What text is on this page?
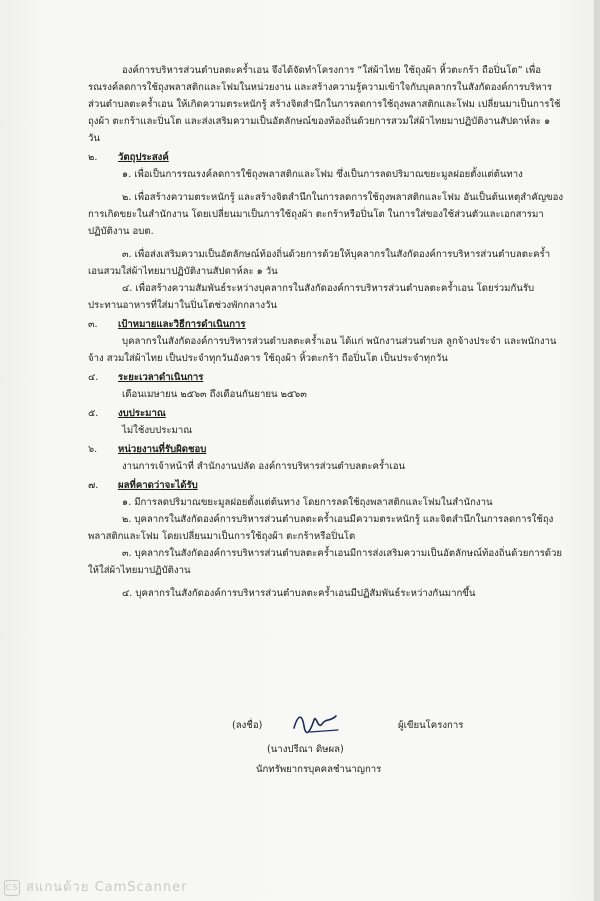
องค์การบริหารส่วนตำบลตะคร้ำเอน จึงได้จัดทำโครงการ “ใส่ผ้าไทย ใช้ถุงผ้า หิ้วตะกร้า ถือปิ่นโต” เพื่อรณรงค์ลดการใช้ถุงพลาสติกและโฟมในหน่วยงาน และสร้างความรู้ความเข้าใจกับบุคลากรในสังกัดองค์การบริหารส่วนตำบลตะคร้ำเอน ให้เกิดความตระหนักรู้ สร้างจิตสำนึกในการลดการใช้ถุงพลาสติกและโฟม เปลี่ยนมาเป็นการใช้ถุงผ้า ตะกร้าและปิ่นโต และส่งเสริมความเป็นอัตลักษณ์ของท้องถิ่นด้วยการสวมใส่ผ้าไทยมาปฏิบัติงานสัปดาห์ละ ๑ วัน

๒. วัตถุประสงค์

๑. เพื่อเป็นการรณรงค์ลดการใช้ถุงพลาสติกและโฟม ซึ่งเป็นการลดปริมาณขยะมูลฝอยตั้งแต่ต้นทาง

๒. เพื่อสร้างความตระหนักรู้ และสร้างจิตสำนึกในการลดการใช้ถุงพลาสติกและโฟม อันเป็นต้นเหตุสำคัญของการเกิดขยะในสำนักงาน โดยเปลี่ยนมาเป็นการใช้ถุงผ้า ตะกร้าหรือปิ่นโต ในการใส่ของใช้ส่วนตัวและเอกสารมาปฏิบัติงาน อบต.

๓. เพื่อส่งเสริมความเป็นอัตลักษณ์ท้องถิ่นด้วยการด้วยให้บุคลากรในสังกัดองค์การบริหารส่วนตำบลตะคร้ำเอนสวมใส่ผ้าไทยมาปฏิบัติงานสัปดาห์ละ ๑ วัน

๔. เพื่อสร้างความสัมพันธ์ระหว่างบุคลากรในสังกัดองค์การบริหารส่วนตำบลตะคร้ำเอน โดยร่วมกันรับประทานอาหารที่ใส่มาในปิ่นโตช่วงพักกลางวัน

๓. เป้าหมายและวิธีการดำเนินการ

บุคลากรในสังกัดองค์การบริหารส่วนตำบลตะคร้ำเอน ได้แก่ พนักงานส่วนตำบล ลูกจ้างประจำ และพนักงานจ้าง สวมใส่ผ้าไทย เป็นประจำทุกวันอังคาร ใช้ถุงผ้า หิ้วตะกร้า ถือปิ่นโต เป็นประจำทุกวัน

๔. ระยะเวลาดำเนินการ

เดือนเมษายน ๒๕๖๓ ถึงเดือนกันยายน ๒๕๖๓

๕. งบประมาณ

ไม่ใช้งบประมาณ

๖. หน่วยงานที่รับผิดชอบ

งานการเจ้าหน้าที่ สำนักงานปลัด องค์การบริหารส่วนตำบลตะคร้ำเอน

๗. ผลที่คาดว่าจะได้รับ

๑. มีการลดปริมาณขยะมูลฝอยตั้งแต่ต้นทาง โดยการลดใช้ถุงพลาสติกและโฟมในสำนักงาน

๒. บุคลากรในสังกัดองค์การบริหารส่วนตำบลตะคร้ำเอนมีความตระหนักรู้ และจิตสำนึกในการลดการใช้ถุงพลาสติกและโฟม โดยเปลี่ยนมาเป็นการใช้ถุงผ้า ตะกร้าหรือปิ่นโต

๓. บุคลากรในสังกัดองค์การบริหารส่วนตำบลตะคร้ำเอนมีการส่งเสริมความเป็นอัตลักษณ์ท้องถิ่นด้วยการด้วยให้ใส่ผ้าไทยมาปฏิบัติงาน

๔. บุคลากรในสังกัดองค์การบริหารส่วนตำบลตะคร้ำเอนมีปฏิสัมพันธ์ระหว่างกันมากขึ้น

(ลงชื่อ)	ผู้เขียนโครงการ
(นางปรีณา ดิษผล)
นักทรัพยากรบุคคลชำนาญการ
CS สแกนด้วย CamScanner
